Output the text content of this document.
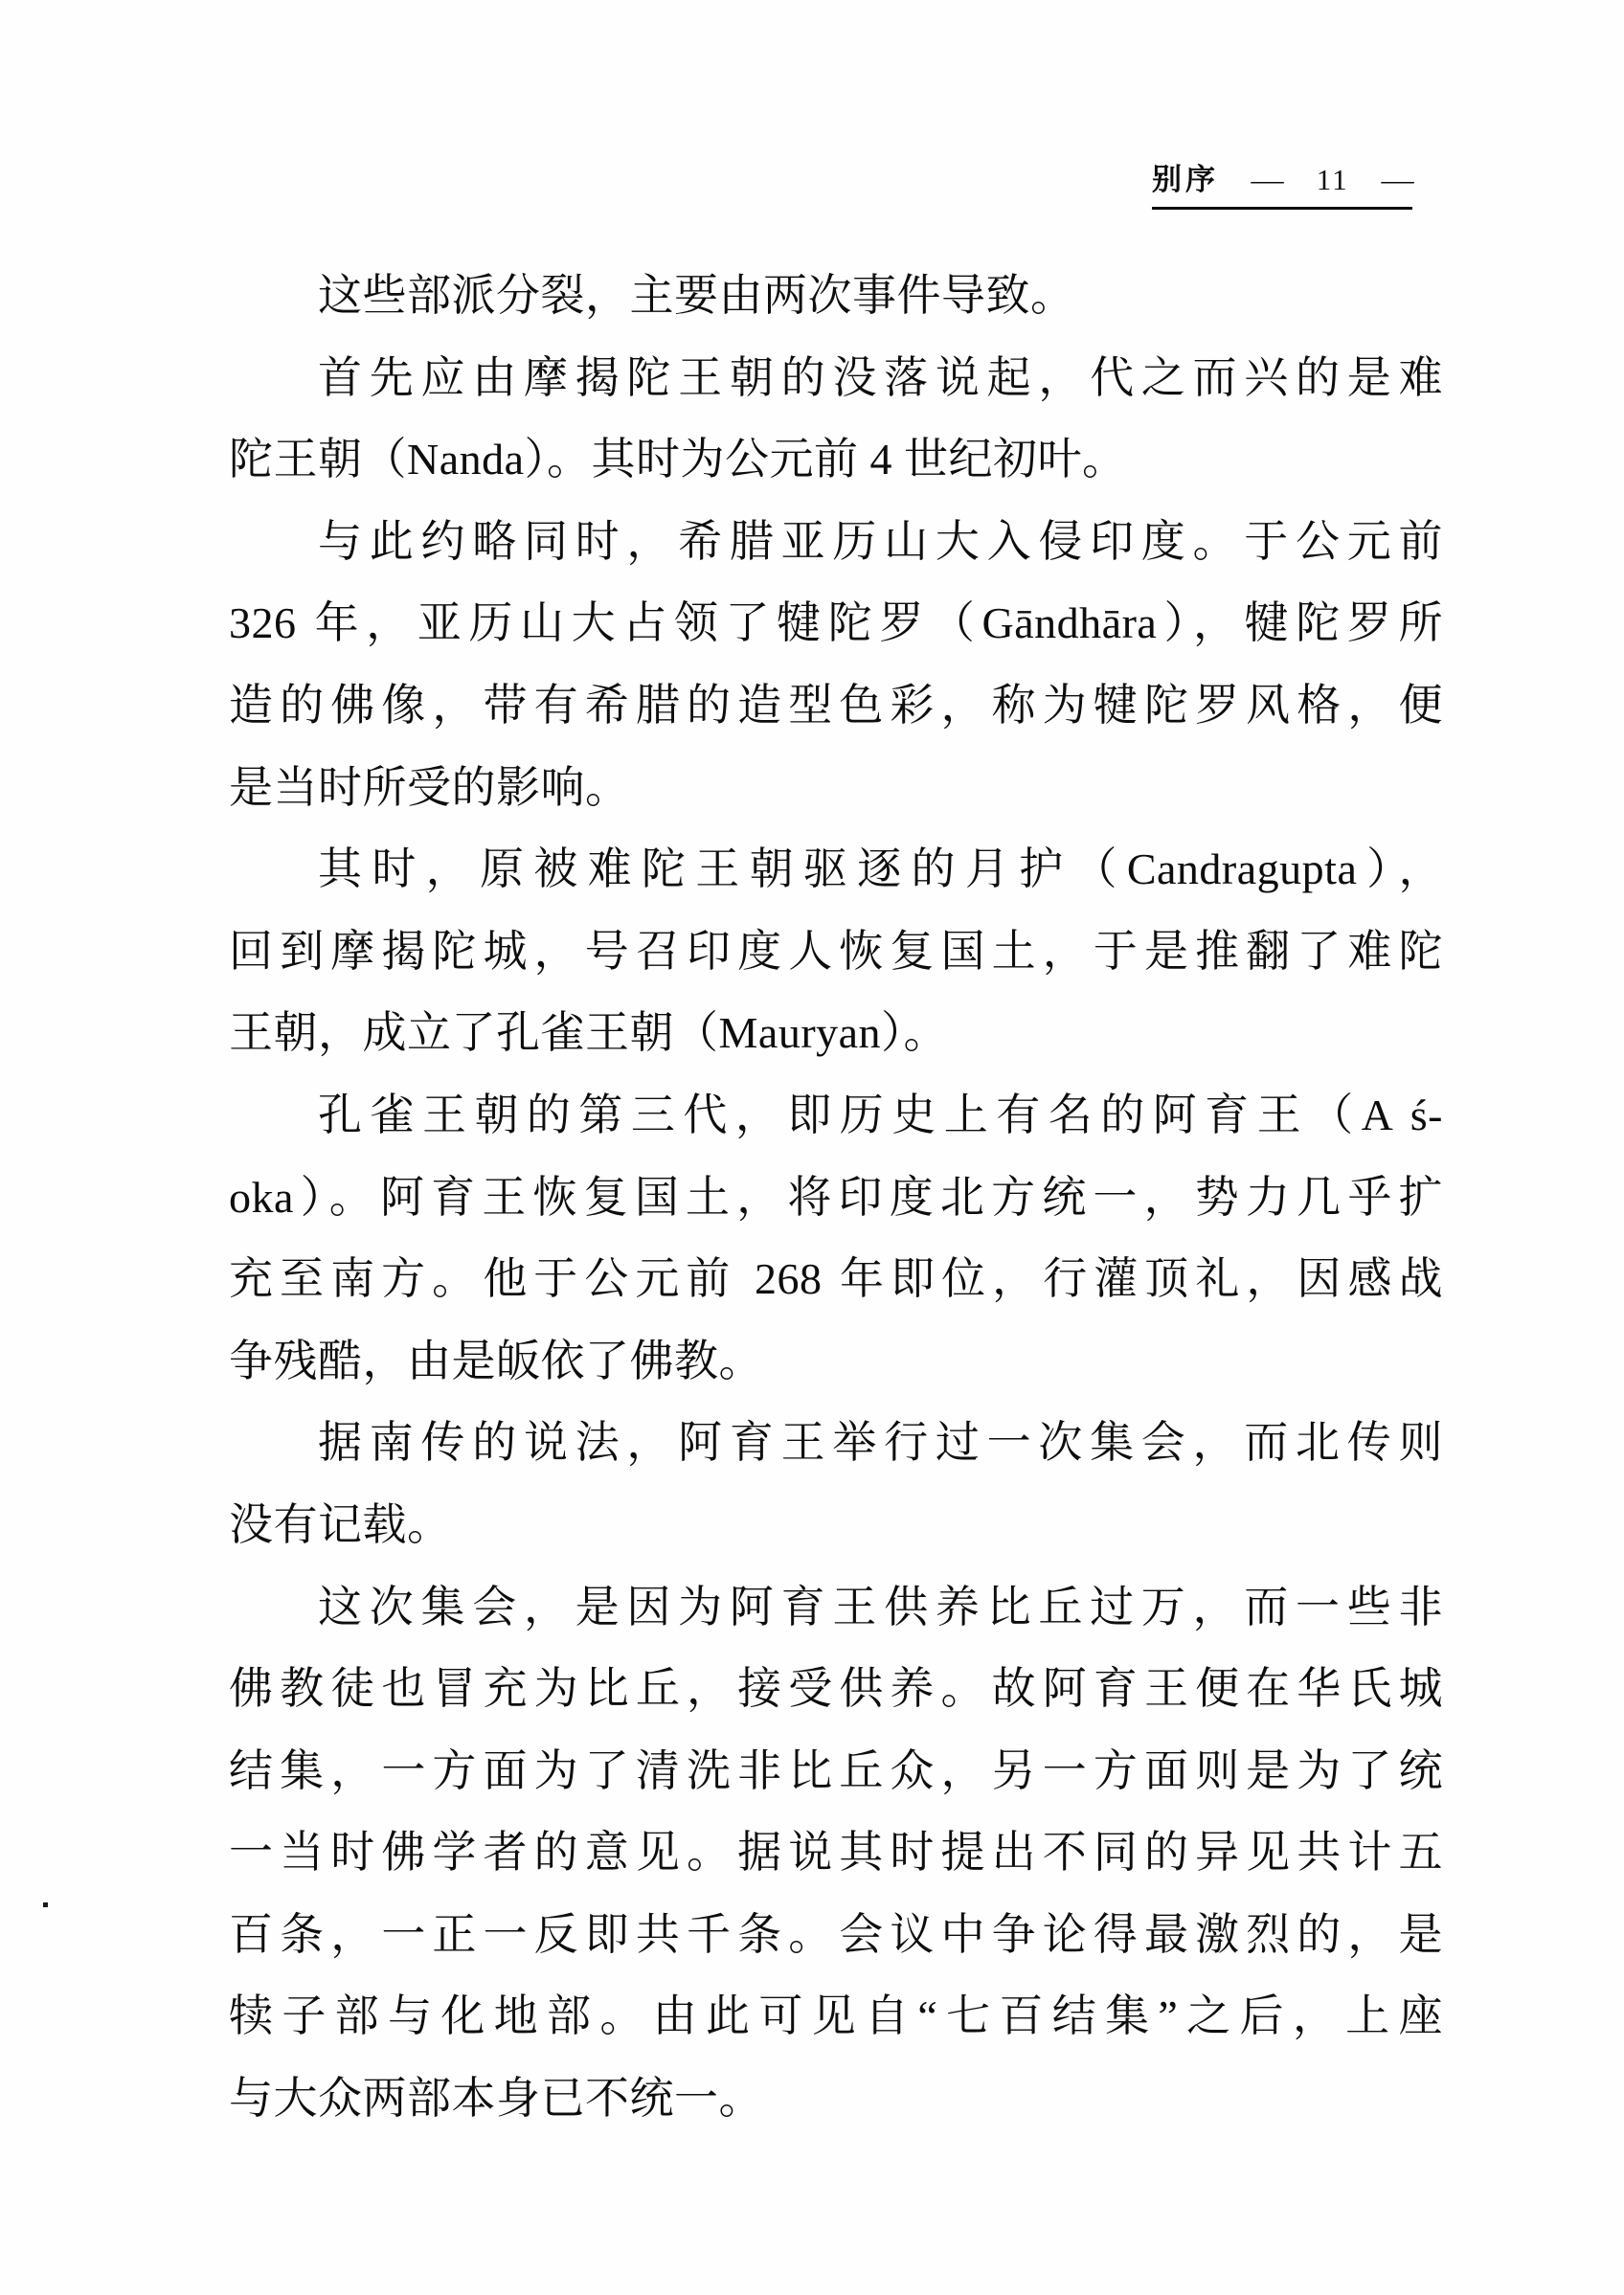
别序 — 11 —
这些部派分裂，主要由两次事件导致。
首先应由摩揭陀王朝的没落说起，代之而兴的是难
陀王朝（Nanda）。其时为公元前 4 世纪初叶。
与此约略同时，希腊亚历山大入侵印度。于公元前
326 年，亚历山大占领了犍陀罗（Gāndhāra），犍陀罗所
造的佛像，带有希腊的造型色彩，称为犍陀罗风格，便
是当时所受的影响。
其时，原被难陀王朝驱逐的月护（Candragupta），
回到摩揭陀城，号召印度人恢复国土，于是推翻了难陀
王朝，成立了孔雀王朝（Mauryan）。
孔雀王朝的第三代，即历史上有名的阿育王（A ś-
oka）。阿育王恢复国土，将印度北方统一，势力几乎扩
充至南方。他于公元前 268 年即位，行灌顶礼，因感战
争残酷，由是皈依了佛教。
据南传的说法，阿育王举行过一次集会，而北传则
没有记载。
这次集会，是因为阿育王供养比丘过万，而一些非
佛教徒也冒充为比丘，接受供养。故阿育王便在华氏城
结集，一方面为了清洗非比丘众，另一方面则是为了统
一当时佛学者的意见。据说其时提出不同的异见共计五
百条，一正一反即共千条。会议中争论得最激烈的，是
犊子部与化地部。由此可见自“七百结集”之后，上座
与大众两部本身已不统一。
